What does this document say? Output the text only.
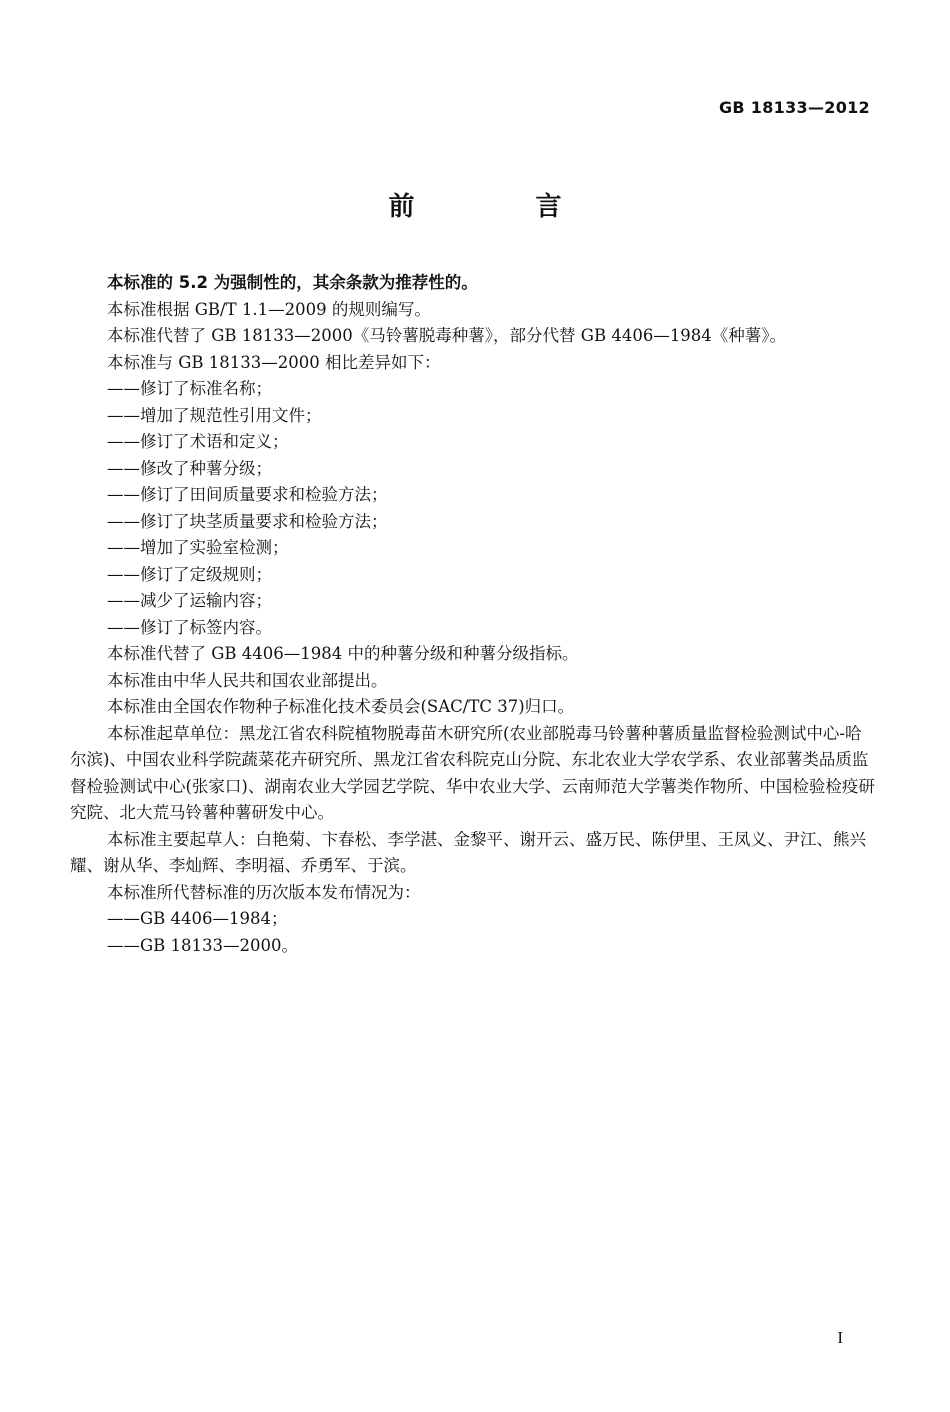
GB 18133—2012
前 言

本标准的 5.2 为强制性的，其余条款为推荐性的。

本标准根据 GB/T 1.1—2009 的规则编写。

本标准代替了 GB 18133—2000《马铃薯脱毒种薯》，部分代替 GB 4406—1984《种薯》。

本标准与 GB 18133—2000 相比差异如下：

——修订了标准名称；

——增加了规范性引用文件；

——修订了术语和定义；

——修改了种薯分级；

——修订了田间质量要求和检验方法；

——修订了块茎质量要求和检验方法；

——增加了实验室检测；

——修订了定级规则；

——减少了运输内容；

——修订了标签内容。

本标准代替了 GB 4406—1984 中的种薯分级和种薯分级指标。

本标准由中华人民共和国农业部提出。

本标准由全国农作物种子标准化技术委员会(SAC/TC 37)归口。

本标准起草单位：黑龙江省农科院植物脱毒苗木研究所(农业部脱毒马铃薯种薯质量监督检验测试中心-哈尔滨)、中国农业科学院蔬菜花卉研究所、黑龙江省农科院克山分院、东北农业大学农学系、农业部薯类品质监督检验测试中心(张家口)、湖南农业大学园艺学院、华中农业大学、云南师范大学薯类作物所、中国检验检疫研究院、北大荒马铃薯种薯研发中心。

本标准主要起草人：白艳菊、卞春松、李学湛、金黎平、谢开云、盛万民、陈伊里、王凤义、尹江、熊兴耀、谢从华、李灿辉、李明福、乔勇军、于滨。

本标准所代替标准的历次版本发布情况为：

——GB 4406—1984；

——GB 18133—2000。

I
